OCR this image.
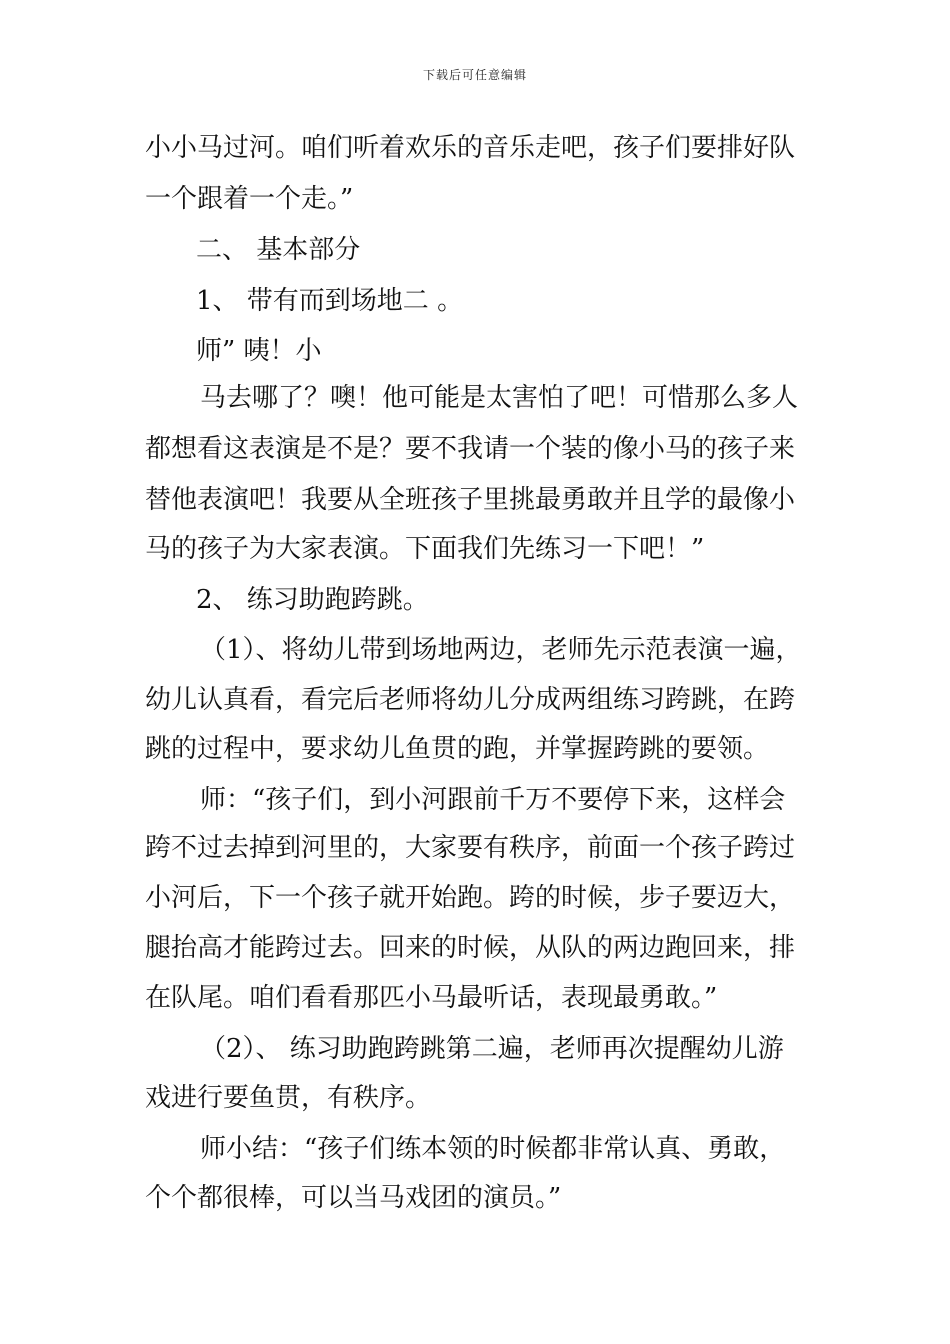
下载后可任意编辑
小小马过河。咱们听着欢乐的音乐走吧，孩子们要排好队
一个跟着一个走。”
二、 基本部分
1、 带有而到场地二 。
师” 咦！小
马去哪了？噢！他可能是太害怕了吧！可惜那么多人
都想看这表演是不是？要不我请一个装的像小马的孩子来
替他表演吧！我要从全班孩子里挑最勇敢并且学的最像小
马的孩子为大家表演。下面我们先练习一下吧！”
2、 练习助跑跨跳。
（1）、将幼儿带到场地两边，老师先示范表演一遍，
幼儿认真看，看完后老师将幼儿分成两组练习跨跳，在跨
跳的过程中，要求幼儿鱼贯的跑，并掌握跨跳的要领。
师：“孩子们，到小河跟前千万不要停下来，这样会
跨不过去掉到河里的，大家要有秩序，前面一个孩子跨过
小河后，下一个孩子就开始跑。跨的时候，步子要迈大，
腿抬高才能跨过去。回来的时候，从队的两边跑回来，排
在队尾。咱们看看那匹小马最听话，表现最勇敢。”
（2）、 练习助跑跨跳第二遍，老师再次提醒幼儿游
戏进行要鱼贯，有秩序。
师小结：“孩子们练本领的时候都非常认真、勇敢，
个个都很棒，可以当马戏团的演员。”
